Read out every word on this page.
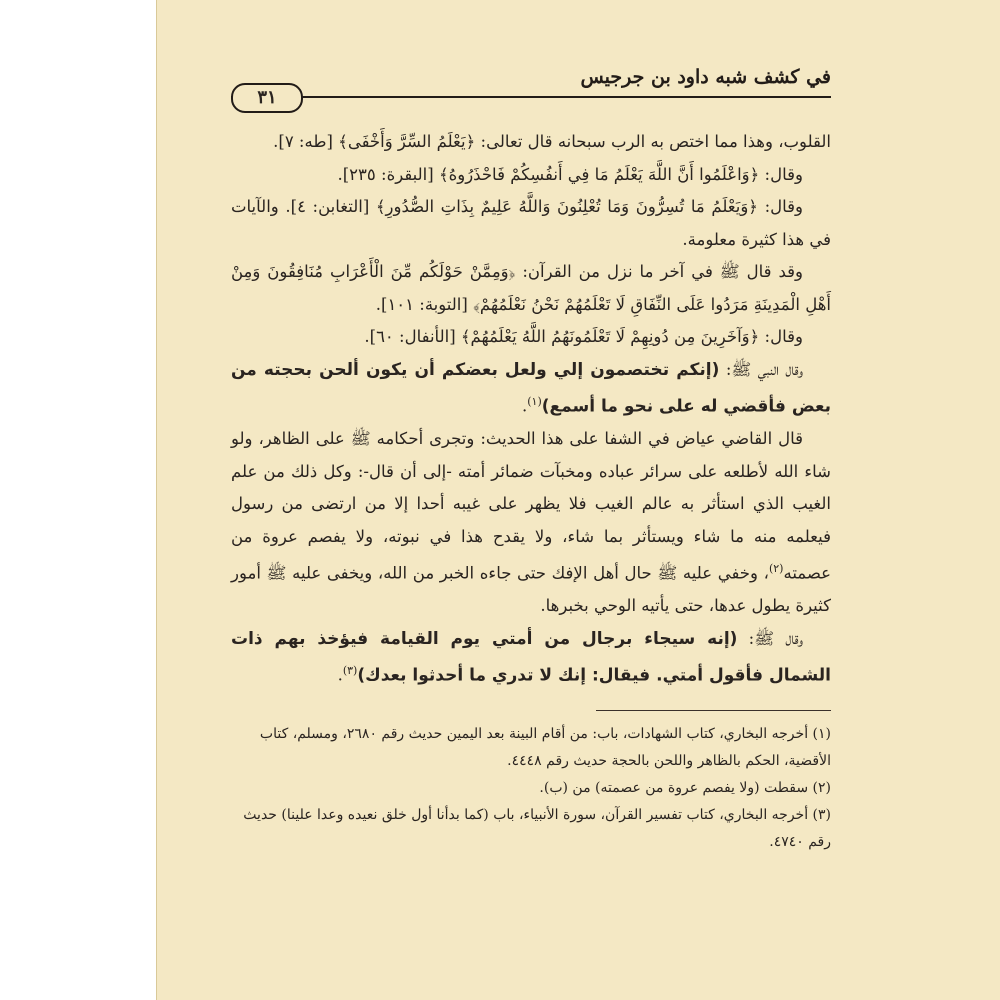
في كشف شبه داود بن جرجيس
٣١

القلوب، وهذا مما اختص به الرب سبحانه قال تعالى: ﴿يَعْلَمُ السِّرَّ وَأَخْفَى﴾ [طه: ٧].

وقال: ﴿وَاعْلَمُوا أَنَّ اللَّهَ يَعْلَمُ مَا فِي أَنفُسِكُمْ فَاحْذَرُوهُ﴾ [البقرة: ٢٣٥].

وقال: ﴿وَيَعْلَمُ مَا تُسِرُّونَ وَمَا تُعْلِنُونَ وَاللَّهُ عَلِيمٌ بِذَاتِ الصُّدُورِ﴾ [التغابن: ٤]. والآيات في هذا كثيرة معلومة.

وقد قال ﷺ في آخر ما نزل من القرآن: ﴿وَمِمَّنْ حَوْلَكُم مِّنَ الْأَعْرَابِ مُنَافِقُونَ وَمِنْ أَهْلِ الْمَدِينَةِ مَرَدُوا عَلَى النِّفَاقِ لَا تَعْلَمُهُمْ نَحْنُ نَعْلَمُهُمْ﴾ [التوبة: ١٠١].

وقال: ﴿وَآخَرِينَ مِن دُونِهِمْ لَا تَعْلَمُونَهُمُ اللَّهُ يَعْلَمُهُمْ﴾ [الأنفال: ٦٠].

وقال النبي ﷺ: (إنكم تختصمون إلي ولعل بعضكم أن يكون ألحن بحجته من بعض فأقضي له على نحو ما أسمع)$^{(١)}$.

قال القاضي عياض في الشفا على هذا الحديث: وتجرى أحكامه ﷺ على الظاهر، ولو شاء الله لأطلعه على سرائر عباده ومخبآت ضمائر أمته -إلى أن قال-: وكل ذلك من علم الغيب الذي استأثر به عالم الغيب فلا يظهر على غيبه أحدا إلا من ارتضى من رسول فيعلمه منه ما شاء ويستأثر بما شاء، ولا يقدح هذا في نبوته، ولا يفصم عروة من عصمته$^{(٢)}$، وخفي عليه ﷺ حال أهل الإفك حتى جاءه الخبر من الله، ويخفى عليه ﷺ أمور كثيرة يطول عدها، حتى يأتيه الوحي بخبرها.

وقال ﷺ: (إنه سيجاء برجال من أمتي يوم القيامة فيؤخذ بهم ذات الشمال فأقول أمتي. فيقال: إنك لا تدري ما أحدثوا بعدك)$^{(٣)}$.

(١) أخرجه البخاري، كتاب الشهادات، باب: من أقام البينة بعد اليمين حديث رقم ٢٦٨٠، ومسلم، كتاب الأقضية، الحكم بالظاهر واللحن بالحجة حديث رقم ٤٤٤٨.

(٢) سقطت (ولا يفصم عروة من عصمته) من (ب).

(٣) أخرجه البخاري، كتاب تفسير القرآن، سورة الأنبياء، باب (كما بدأنا أول خلق نعيده وعدا علينا) حديث رقم ٤٧٤٠.
